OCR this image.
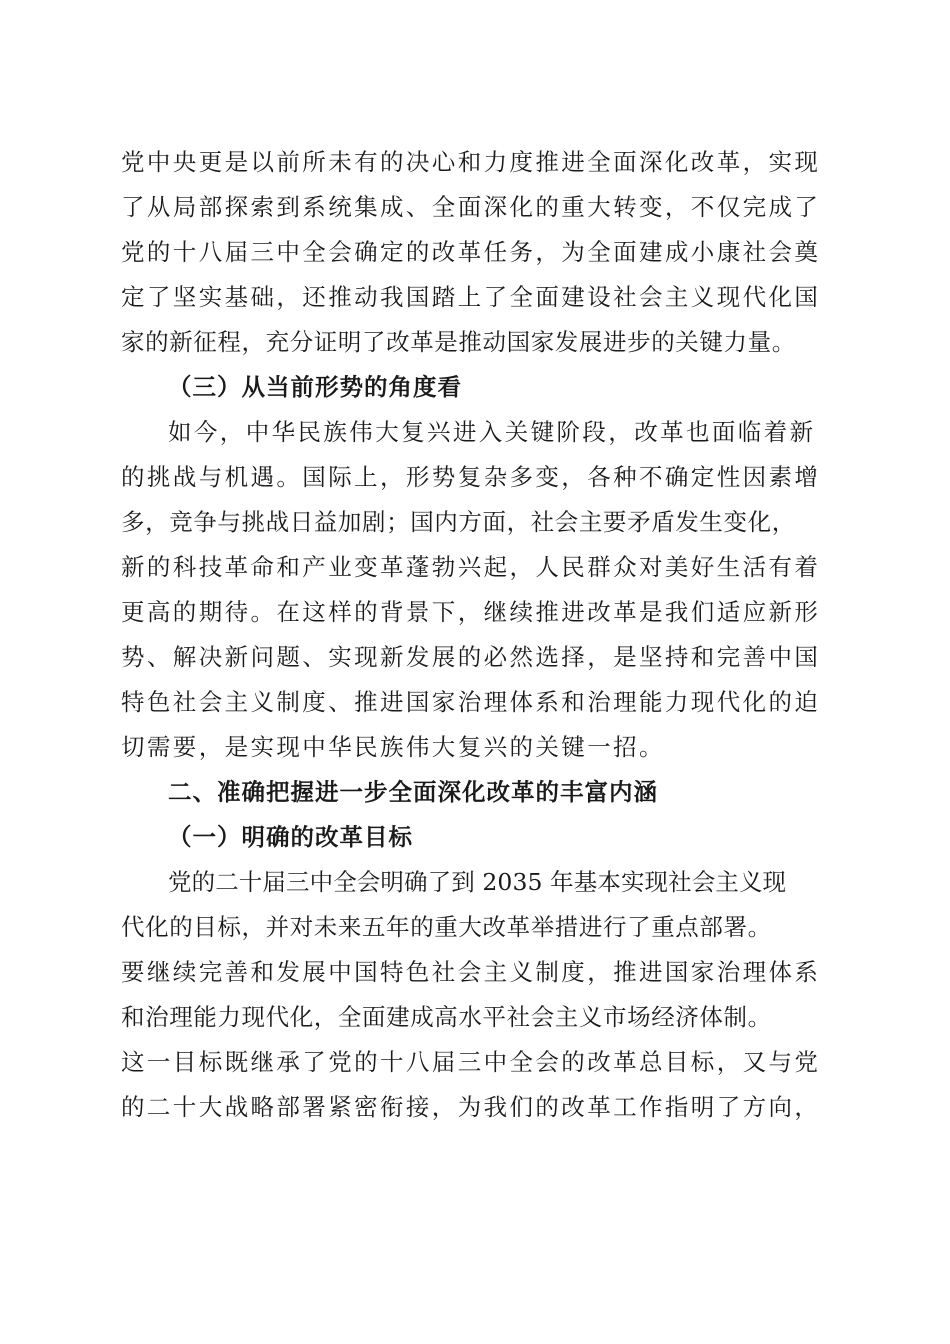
党中央更是以前所未有的决心和力度推进全面深化改革，实现
了从局部探索到系统集成、全面深化的重大转变，不仅完成了
党的十八届三中全会确定的改革任务，为全面建成小康社会奠
定了坚实基础，还推动我国踏上了全面建设社会主义现代化国
家的新征程，充分证明了改革是推动国家发展进步的关键力量。
（三）从当前形势的角度看
如今，中华民族伟大复兴进入关键阶段，改革也面临着新
的挑战与机遇。国际上，形势复杂多变，各种不确定性因素增
多，竞争与挑战日益加剧；国内方面，社会主要矛盾发生变化，
新的科技革命和产业变革蓬勃兴起，人民群众对美好生活有着
更高的期待。在这样的背景下，继续推进改革是我们适应新形
势、解决新问题、实现新发展的必然选择，是坚持和完善中国
特色社会主义制度、推进国家治理体系和治理能力现代化的迫
切需要，是实现中华民族伟大复兴的关键一招。
二、准确把握进一步全面深化改革的丰富内涵
（一）明确的改革目标
党的二十届三中全会明确了到 2035 年基本实现社会主义现
代化的目标，并对未来五年的重大改革举措进行了重点部署。
要继续完善和发展中国特色社会主义制度，推进国家治理体系
和治理能力现代化，全面建成高水平社会主义市场经济体制。
这一目标既继承了党的十八届三中全会的改革总目标，又与党
的二十大战略部署紧密衔接，为我们的改革工作指明了方向，
